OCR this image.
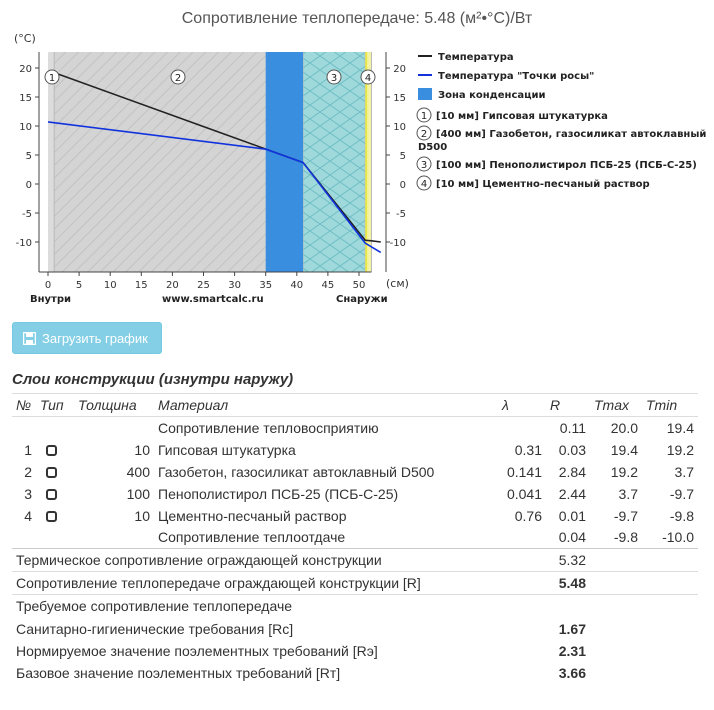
Сопротивление теплопередаче: 5.48 (м²•°С)/Вт
20	20
15	15
10	10
5	5
0	0
-5	-5
-10	-10
0 5 10 15 20 25 30 35 40 45 50
1	2	3	4
Температура
Температура "Точки росы"
Зона конденсации
1 [10 мм] Гипсовая штукатурка
2 [400 мм] Газобетон, газосиликат автоклавный
D500
3 [100 мм] Пенополистирол ПСБ-25 (ПСБ-С-25)
4 [10 мм] Цементно-песчаный раствор
(°С)
(см)
Внутри	www.smartcalc.ru	Снаружи
Загрузить график
Слои конструкции (изнутри наружу)
№	Тип	Толщина	Материал	λ	R	Tmax	Tmin
			Сопротивление тепловосприятию		0.11	20.0	19.4
1		10	Гипсовая штукатурка	0.31	0.03	19.4	19.2
2		400	Газобетон, газосиликат автоклавный D500	0.141	2.84	19.2	3.7
3		100	Пенополистирол ПСБ-25 (ПСБ-С-25)	0.041	2.44	3.7	-9.7
4		10	Цементно-песчаный раствор	0.76	0.01	-9.7	-9.8
			Сопротивление теплоотдаче		0.04	-9.8	-10.0
Термическое сопротивление ограждающей конструкции					5.32		
Сопротивление теплопередаче ограждающей конструкции [R]					5.48		
Требуемое сопротивление теплопередаче							
Санитарно-гигиенические требования [Rc]					1.67		
Нормируемое значение поэлементных требований [Rэ]					2.31		
Базовое значение поэлементных требований [Rт]					3.66		
